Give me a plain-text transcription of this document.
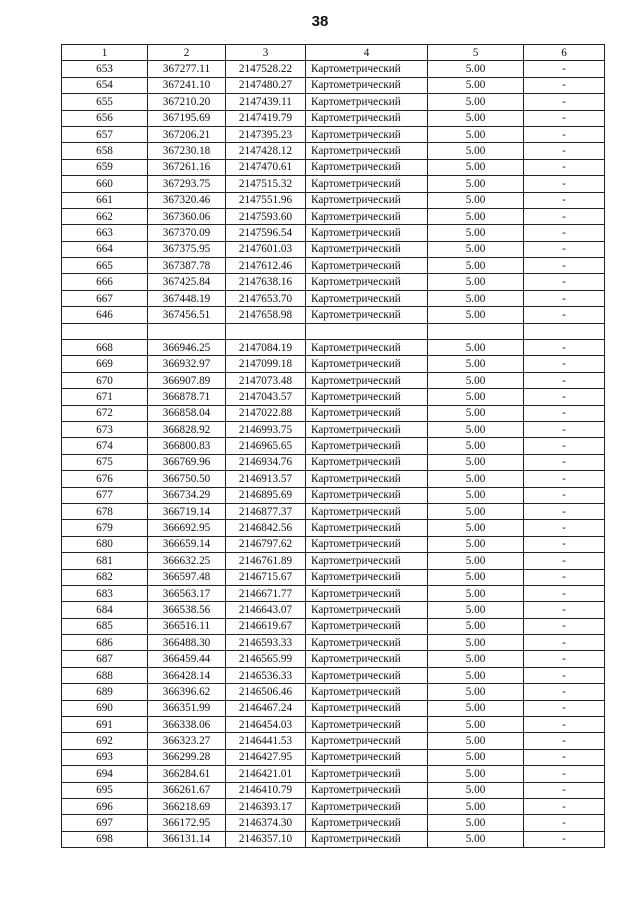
38
1	2	3	4	5	6
653	367277.11	2147528.22	Картометрический	5.00	-
654	367241.10	2147480.27	Картометрический	5.00	-
655	367210.20	2147439.11	Картометрический	5.00	-
656	367195.69	2147419.79	Картометрический	5.00	-
657	367206.21	2147395.23	Картометрический	5.00	-
658	367230.18	2147428.12	Картометрический	5.00	-
659	367261.16	2147470.61	Картометрический	5.00	-
660	367293.75	2147515.32	Картометрический	5.00	-
661	367320.46	2147551.96	Картометрический	5.00	-
662	367360.06	2147593.60	Картометрический	5.00	-
663	367370.09	2147596.54	Картометрический	5.00	-
664	367375.95	2147601.03	Картометрический	5.00	-
665	367387.78	2147612.46	Картометрический	5.00	-
666	367425.84	2147638.16	Картометрический	5.00	-
667	367448.19	2147653.70	Картометрический	5.00	-
646	367456.51	2147658.98	Картометрический	5.00	-

668	366946.25	2147084.19	Картометрический	5.00	-
669	366932.97	2147099.18	Картометрический	5.00	-
670	366907.89	2147073.48	Картометрический	5.00	-
671	366878.71	2147043.57	Картометрический	5.00	-
672	366858.04	2147022.88	Картометрический	5.00	-
673	366828.92	2146993.75	Картометрический	5.00	-
674	366800.83	2146965.65	Картометрический	5.00	-
675	366769.96	2146934.76	Картометрический	5.00	-
676	366750.50	2146913.57	Картометрический	5.00	-
677	366734.29	2146895.69	Картометрический	5.00	-
678	366719.14	2146877.37	Картометрический	5.00	-
679	366692.95	2146842.56	Картометрический	5.00	-
680	366659.14	2146797.62	Картометрический	5.00	-
681	366632.25	2146761.89	Картометрический	5.00	-
682	366597.48	2146715.67	Картометрический	5.00	-
683	366563.17	2146671.77	Картометрический	5.00	-
684	366538.56	2146643.07	Картометрический	5.00	-
685	366516.11	2146619.67	Картометрический	5.00	-
686	366488.30	2146593.33	Картометрический	5.00	-
687	366459.44	2146565.99	Картометрический	5.00	-
688	366428.14	2146536.33	Картометрический	5.00	-
689	366396.62	2146506.46	Картометрический	5.00	-
690	366351.99	2146467.24	Картометрический	5.00	-
691	366338.06	2146454.03	Картометрический	5.00	-
692	366323.27	2146441.53	Картометрический	5.00	-
693	366299.28	2146427.95	Картометрический	5.00	-
694	366284.61	2146421.01	Картометрический	5.00	-
695	366261.67	2146410.79	Картометрический	5.00	-
696	366218.69	2146393.17	Картометрический	5.00	-
697	366172.95	2146374.30	Картометрический	5.00	-
698	366131.14	2146357.10	Картометрический	5.00	-
